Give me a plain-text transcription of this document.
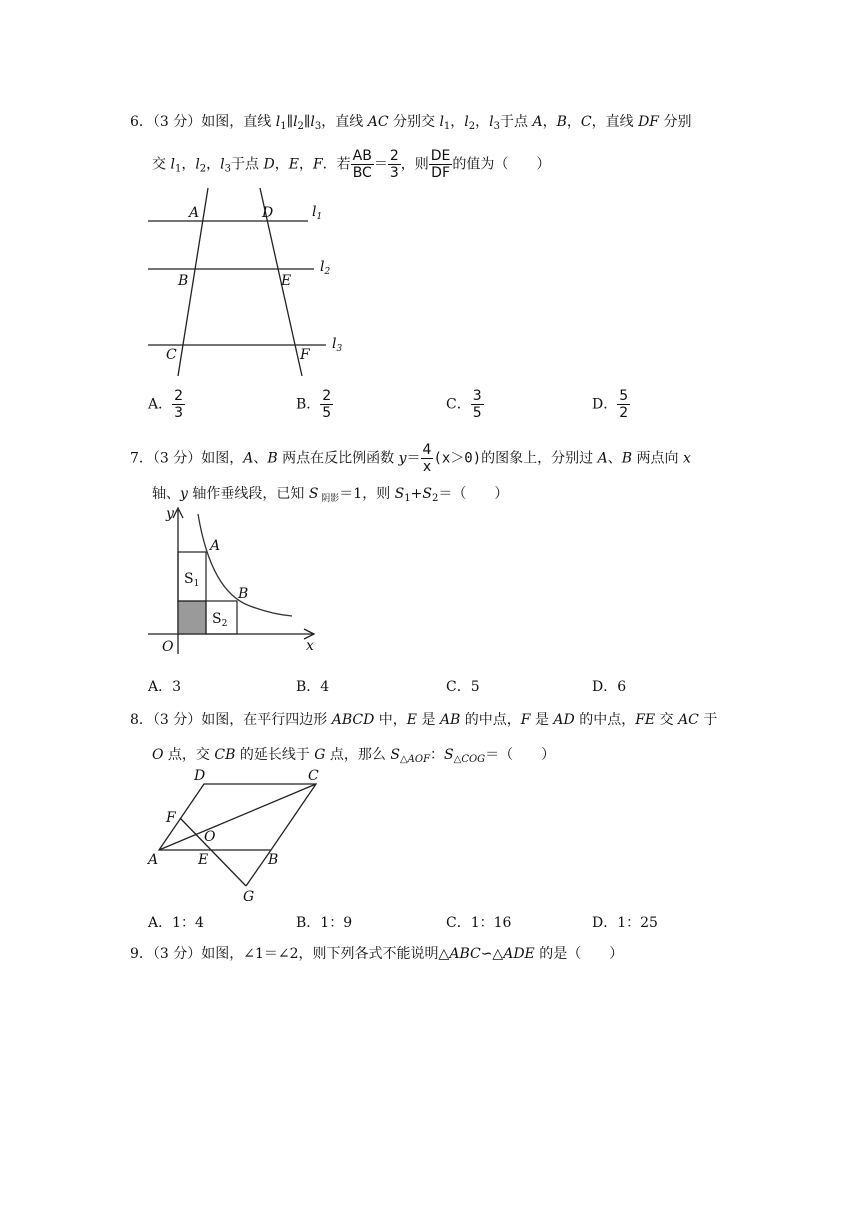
6．（3 分）如图，直线 $l_1\parallel l_2\parallel l_3$，直线 AC 分别交 $l_1$，$l_2$，$l_3$于点 A，B，C，直线 DF 分别
交 $l_1$，$l_2$，$l_3$于点 D，E，F．若 $\frac{AB}{BC} = \frac{2}{3}$ ，则 $\frac{DE}{DF}$ 的值为（　　）
A	D
B	E
C	F
$l_1$
$l_2$
$l_3$
A． $\frac{2}{3}$	B． $\frac{2}{5}$	C． $\frac{3}{5}$	D． $\frac{5}{2}$
7．（3 分）如图，A、B 两点在反比例函数 $y= \frac{4}{x} (x>0)$的图象上，分别过 A、B 两点向 x
轴、y 轴作垂线段，已知 S $_{阴影}$＝1，则 $S_1+S_2=$（　　）
y
x
O
A
B
$S_1$
$S_2$
A．3	B．4	C．5	D．6
8．（3 分）如图，在平行四边形 ABCD 中，E 是 AB 的中点，F 是 AD 的中点，FE 交 AC 于
O 点，交 CB 的延长线于 G 点，那么 $S_{\triangle AOF}$：$S_{\triangle COG}=$（　　）
D	C
F
O
A	E	B
G
A．1：4	B．1：9	C．1：16	D．1：25
9．（3 分）如图，∠1＝∠2，则下列各式不能说明△ABC∽△ADE 的是（　　）
